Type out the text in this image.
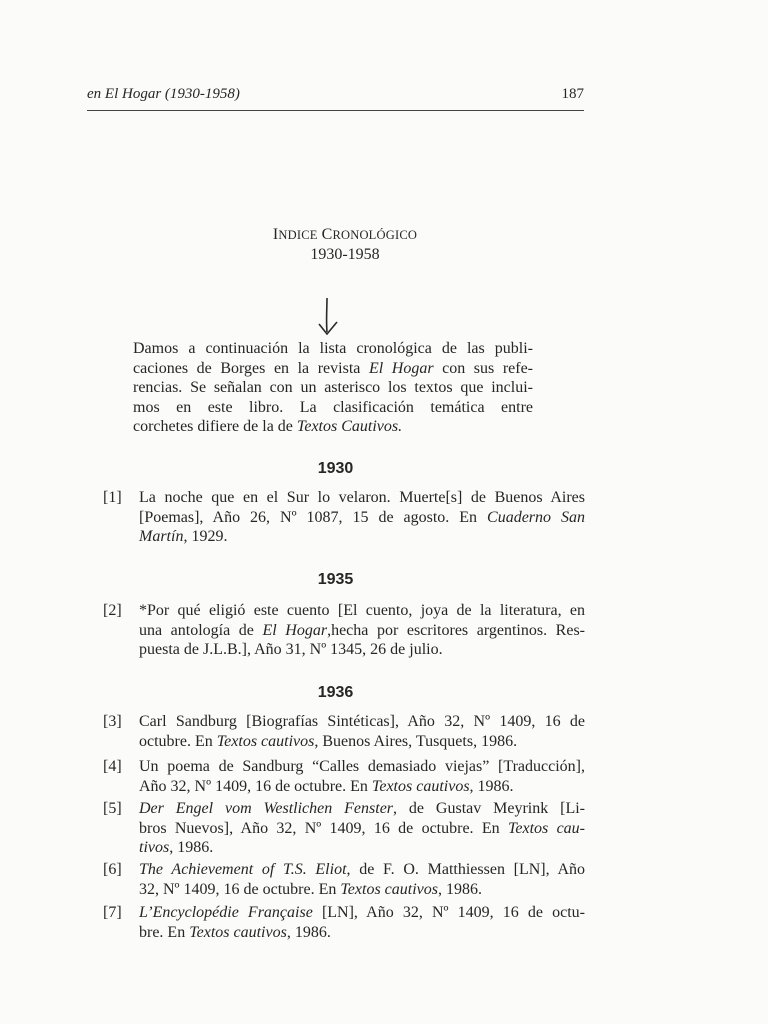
en El Hogar (1930-1958)	187
INDICE CRONOLÓGICO
1930-1958
Damos a continuación la lista cronológica de las publi-
caciones de Borges en la revista El Hogar con sus refe-
rencias. Se señalan con un asterisco los textos que inclui-
mos en este libro. La clasificación temática entre
corchetes difiere de la de Textos Cautivos.
1930
[1] La noche que en el Sur lo velaron. Muerte[s] de Buenos Aires
[Poemas], Año 26, Nº 1087, 15 de agosto. En Cuaderno San
Martín, 1929.
1935
[2] *Por qué eligió este cuento [El cuento, joya de la literatura, en
una antología de El Hogar,hecha por escritores argentinos. Res-
puesta de J.L.B.], Año 31, Nº 1345, 26 de julio.
1936
[3] Carl Sandburg [Biografías Sintéticas], Año 32, Nº 1409, 16 de
octubre. En Textos cautivos, Buenos Aires, Tusquets, 1986.
[4] Un poema de Sandburg “Calles demasiado viejas” [Traducción],
Año 32, Nº 1409, 16 de octubre. En Textos cautivos, 1986.
[5] Der Engel vom Westlichen Fenster, de Gustav Meyrink [Li-
bros Nuevos], Año 32, Nº 1409, 16 de octubre. En Textos cau-
tivos, 1986.
[6] The Achievement of T.S. Eliot, de F. O. Matthiessen [LN], Año
32, Nº 1409, 16 de octubre. En Textos cautivos, 1986.
[7] L’Encyclopédie Française [LN], Año 32, Nº 1409, 16 de octu-
bre. En Textos cautivos, 1986.
